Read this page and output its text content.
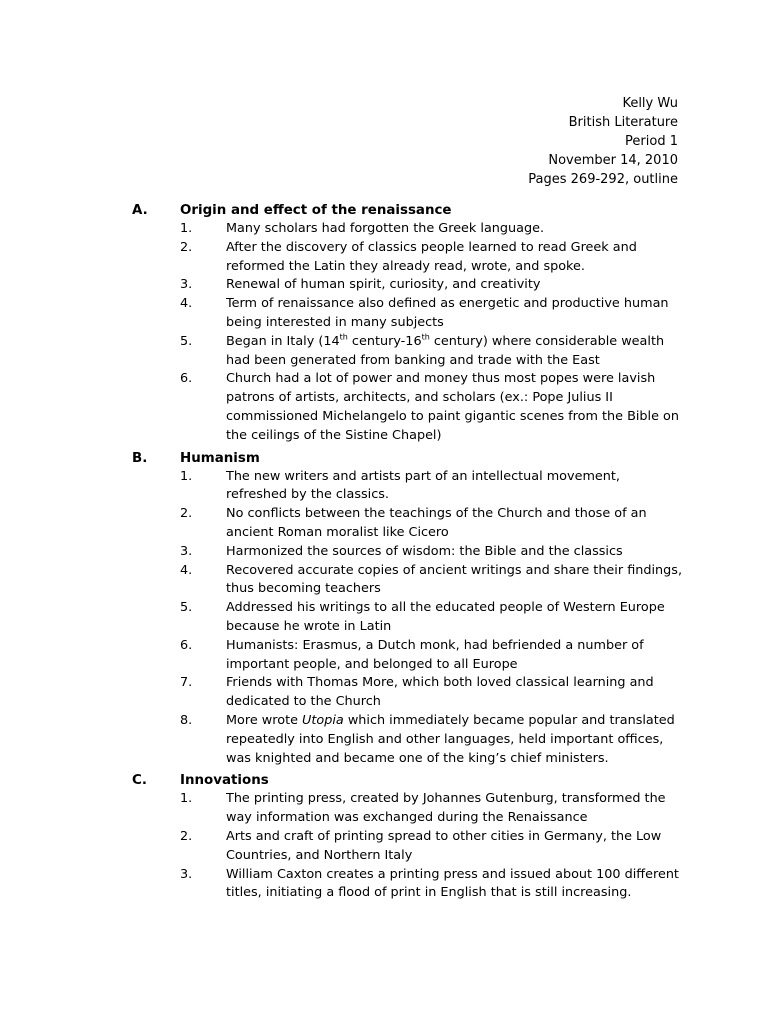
Kelly Wu
British Literature
Period 1
November 14, 2010
Pages 269-292, outline
A.	Origin and effect of the renaissance
1.	Many scholars had forgotten the Greek language.
2.	After the discovery of classics people learned to read Greek and reformed the Latin they already read, wrote, and spoke.
3.	Renewal of human spirit, curiosity, and creativity
4.	Term of renaissance also defined as energetic and productive human being interested in many subjects
5.	Began in Italy (14th century-16th century) where considerable wealth had been generated from banking and trade with the East
6.	Church had a lot of power and money thus most popes were lavish patrons of artists, architects, and scholars (ex.: Pope Julius II commissioned Michelangelo to paint gigantic scenes from the Bible on the ceilings of the Sistine Chapel)
B.	Humanism
1.	The new writers and artists part of an intellectual movement, refreshed by the classics.
2.	No conflicts between the teachings of the Church and those of an ancient Roman moralist like Cicero
3.	Harmonized the sources of wisdom: the Bible and the classics
4.	Recovered accurate copies of ancient writings and share their findings, thus becoming teachers
5.	Addressed his writings to all the educated people of Western Europe because he wrote in Latin
6.	Humanists: Erasmus, a Dutch monk, had befriended a number of important people, and belonged to all Europe
7.	Friends with Thomas More, which both loved classical learning and dedicated to the Church
8.	More wrote Utopia which immediately became popular and translated repeatedly into English and other languages, held important offices, was knighted and became one of the king’s chief ministers.
C.	Innovations
1.	The printing press, created by Johannes Gutenburg, transformed the way information was exchanged during the Renaissance
2.	Arts and craft of printing spread to other cities in Germany, the Low Countries, and Northern Italy
3.	William Caxton creates a printing press and issued about 100 different titles, initiating a flood of print in English that is still increasing.
